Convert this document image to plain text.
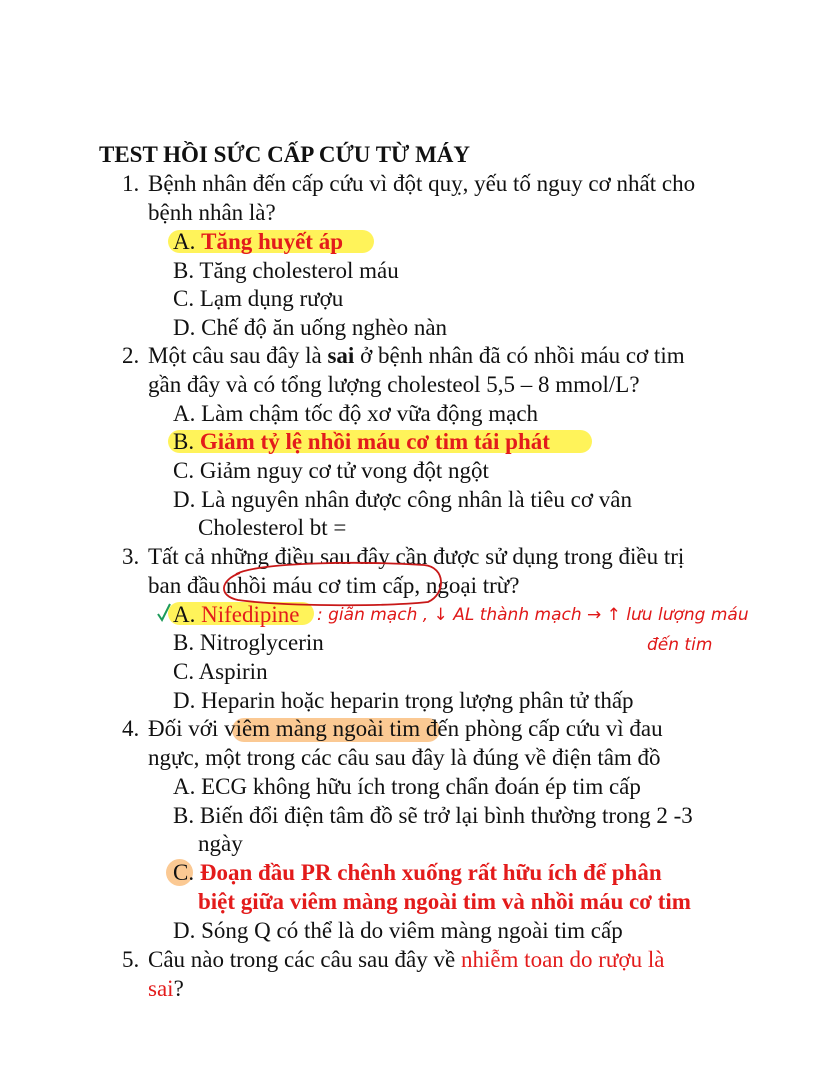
TEST HỒI SỨC CẤP CỨU TỪ MÁY
1. Bệnh nhân đến cấp cứu vì đột quỵ, yếu tố nguy cơ nhất cho
bệnh nhân là?
A. Tăng huyết áp
B. Tăng cholesterol máu
C. Lạm dụng rượu
D. Chế độ ăn uống nghèo nàn
2. Một câu sau đây là sai ở bệnh nhân đã có nhồi máu cơ tim
gần đây và có tổng lượng cholesteol 5,5 – 8 mmol/L?
A. Làm chậm tốc độ xơ vữa động mạch
B. Giảm tỷ lệ nhồi máu cơ tim tái phát
C. Giảm nguy cơ tử vong đột ngột
D. Là nguyên nhân được công nhân là tiêu cơ vân
Cholesterol bt =
3. Tất cả những điều sau đây cần được sử dụng trong điều trị
ban đầu nhồi máu cơ tim cấp, ngoại trừ?
A. Nifedipine
B. Nitroglycerin
C. Aspirin
D. Heparin hoặc heparin trọng lượng phân tử thấp
4. Đối với viêm màng ngoài tim đến phòng cấp cứu vì đau
ngực, một trong các câu sau đây là đúng về điện tâm đồ
A. ECG không hữu ích trong chẩn đoán ép tim cấp
B. Biến đổi điện tâm đồ sẽ trở lại bình thường trong 2 -3
ngày
C. Đoạn đầu PR chênh xuống rất hữu ích để phân
biệt giữa viêm màng ngoài tim và nhồi máu cơ tim
D. Sóng Q có thể là do viêm màng ngoài tim cấp
5. Câu nào trong các câu sau đây về nhiễm toan do rượu là
sai?
: giãn mạch , ↓ AL thành mạch → ↑ lưu lượng máu
đến tim
